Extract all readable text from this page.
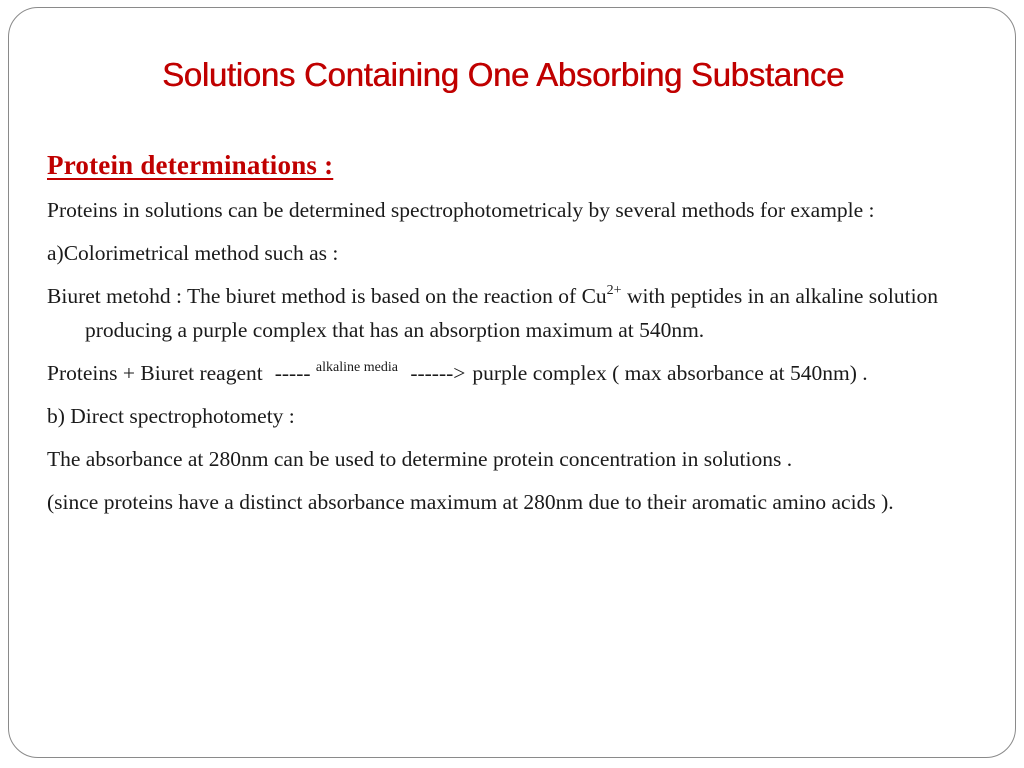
Solutions Containing One Absorbing Substance
Protein determinations :

Proteins in solutions can be determined spectrophotometricaly by several methods for example :

a)Colorimetrical method such as :

Biuret metohd : The biuret method is based on the reaction of $Cu^{2+}$ with peptides in an alkaline solution producing a purple complex that has an absorption maximum at 540nm.

Proteins + Biuret reagent ----- $^{alkaline media}$ ------> purple complex ( max absorbance at 540nm) .

b) Direct spectrophotomety :

The absorbance at 280nm can be used to determine protein concentration in solutions .

(since proteins have a distinct absorbance maximum at 280nm due to their aromatic amino acids ).
